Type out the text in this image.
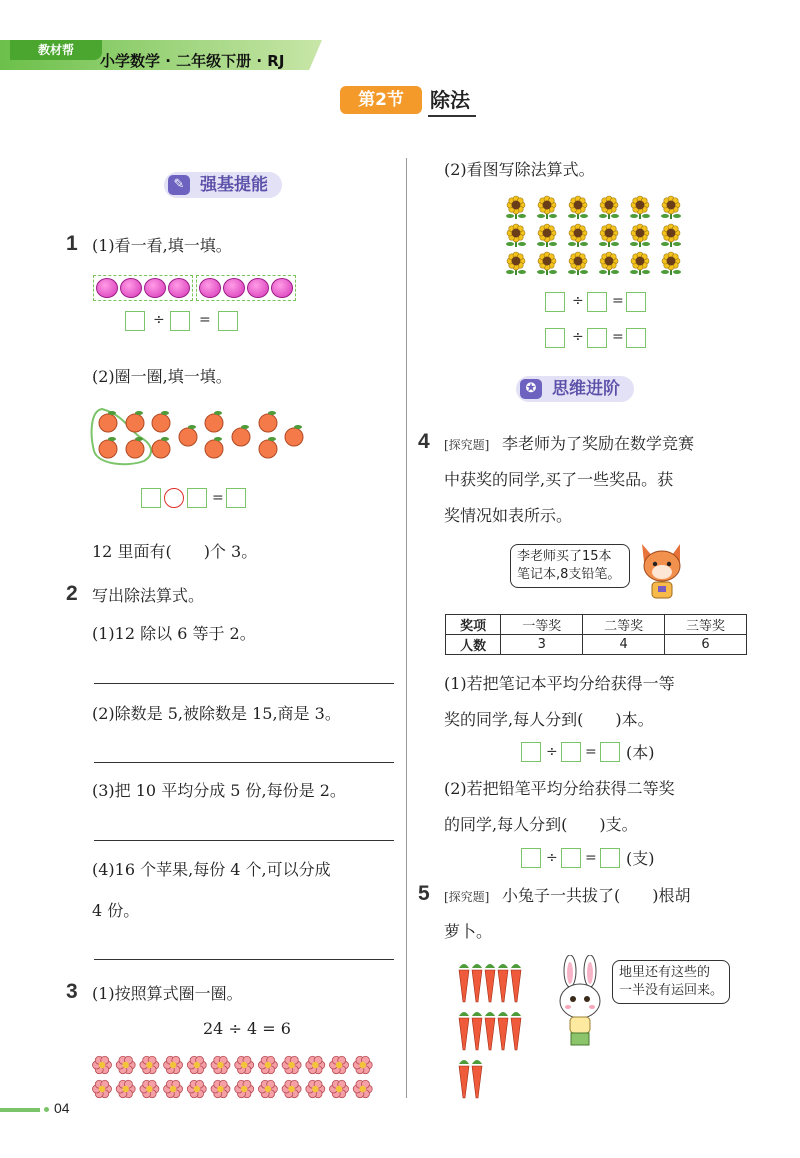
教材帮
小学数学 · 二年级下册 · RJ
第2节	除法
✎ 强基提能
1 (1)看一看,填一填。
÷ =
(2)圈一圈,填一填。
=
12 里面有(　　)个 3。
2 写出除法算式。
(1)12 除以 6 等于 2。
(2)除数是 5,被除数是 15,商是 3。
(3)把 10 平均分成 5 份,每份是 2。
(4)16 个苹果,每份 4 个,可以分成
4 份。
3 (1)按照算式圈一圈。
24 ÷ 4 = 6
(2)看图写除法算式。
÷ =
÷ =
✪ 思维进阶
4 [探究题] 李老师为了奖励在数学竞赛
中获奖的同学,买了一些奖品。获
奖情况如表所示。
李老师买了15本
笔记本,8支铅笔。
奖项	一等奖	二等奖	三等奖
人数	3	4	6
(1)若把笔记本平均分给获得一等
奖的同学,每人分到(　　)本。
÷ = (本)
(2)若把铅笔平均分给获得二等奖
的同学,每人分到(　　)支。
÷ = (支)
5 [探究题] 小兔子一共拔了(　　)根胡
萝卜。
地里还有这些的
一半没有运回来。
04
